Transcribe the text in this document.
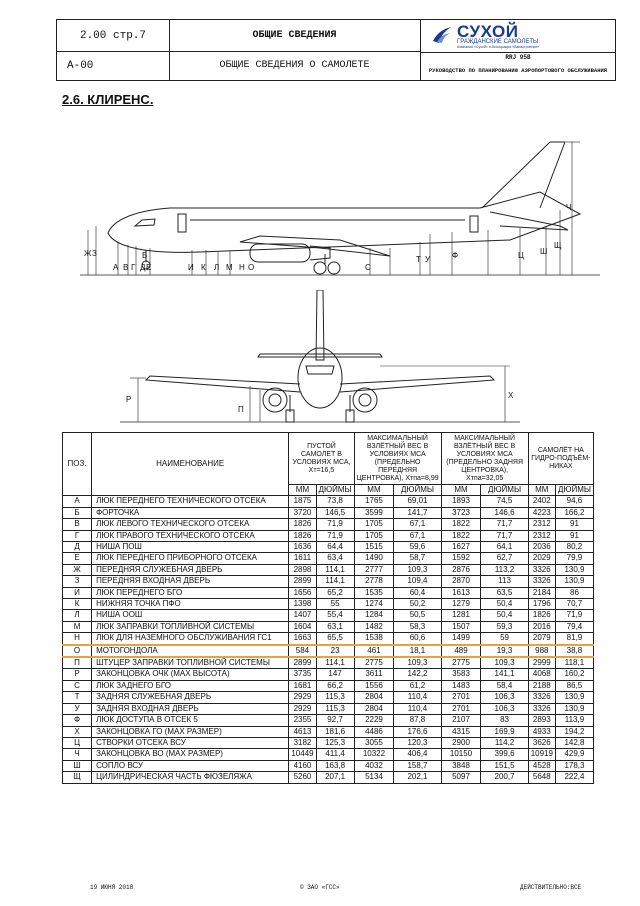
2.00 стр.7
А-00
ОБЩИЕ СВЕДЕНИЯ
ОБЩИЕ СВЕДЕНИЯ О САМОЛЕТЕ
СУХОЙ
ГРАЖДАНСКИЕ САМОЛЕТЫ
Компания «Сухой» и Ассоциация «Авиастроение»
RRJ 95B
РУКОВОДСТВО ПО ПЛАНИРОВАНИЮ АЭРОПОРТОВОГО ОБСЛУЖИВАНИЯ
2.6. КЛИРЕНС.
Ж З
А В Г Д Е
Б
И К Л М Н О	С
Т У	Ф	Ц Ш
Щ
Ч
Р
П
Х
ПОЗ.	НАИМЕНОВАНИЕ	ПУСТОЙ САМОЛЕТ В УСЛОВИЯХ МСА, Хт=16,5		МАКСИМАЛЬНЫЙ ВЗЛЁТНЫЙ ВЕС В УСЛОВИЯХ МСА (ПРЕДЕЛЬНО ПЕРЕДНЯЯ ЦЕНТРОВКА), Хтпа=8,99		МАКСИМАЛЬНЫЙ ВЗЛЁТНЫЙ ВЕС В УСЛОВИЯХ МСА (ПРЕДЕЛЬНО ЗАДНЯЯ ЦЕНТРОВКА), Хтпа=32,05		САМОЛЁТ НА ГИДРО-ПОДЪЁМ-НИКАХ	
		ММ	ДЮЙМЫ	ММ	ДЮЙМЫ	ММ	ДЮЙМЫ	ММ	ДЮЙМЫ
А	ЛЮК ПЕРЕДНЕГО ТЕХНИЧЕСКОГО ОТСЕКА	1875	73,8	1765	69,01	1893	74,5	2402	94,6
Б	ФОРТОЧКА	3720	146,5	3599	141,7	3723	146,6	4223	166,2
В	ЛЮК ЛЕВОГО ТЕХНИЧЕСКОГО ОТСЕКА	1826	71,9	1705	67,1	1822	71,7	2312	91
Г	ЛЮК ПРАВОГО ТЕХНИЧЕСКОГО ОТСЕКА	1826	71,9	1705	67,1	1822	71,7	2312	91
Д	НИША ПОШ	1636	64,4	1515	59,6	1627	64,1	2036	80,2
Е	ЛЮК ПЕРЕДНЕГО ПРИБОРНОГО ОТСЕКА	1611	63,4	1490	58,7	1592	62,7	2029	79,9
Ж	ПЕРЕДНЯЯ СЛУЖЕБНАЯ ДВЕРЬ	2898	114,1	2777	109,3	2876	113,2	3326	130,9
З	ПЕРЕДНЯЯ ВХОДНАЯ ДВЕРЬ	2899	114,1	2778	109,4	2870	113	3326	130,9
И	ЛЮК ПЕРЕДНЕГО БГО	1656	65,2	1535	60,4	1613	63,5	2184	86
К	НИЖНЯЯ ТОЧКА ПФО	1398	55	1274	50,2	1279	50,4	1796	70,7
Л	НИША ООШ	1407	55,4	1284	50,5	1281	50,4	1826	71,9
М	ЛЮК ЗАПРАВКИ ТОПЛИВНОЙ СИСТЕМЫ	1604	63,1	1482	58,3	1507	59,3	2016	79,4
Н	ЛЮК ДЛЯ НАЗЕМНОГО ОБСЛУЖИВАНИЯ ГС1	1663	65,5	1538	60,6	1499	59	2079	81,9
О	МОТОГОНДОЛА	584	23	461	18,1	489	19,3	988	38,8
П	ШТУЦЕР ЗАПРАВКИ ТОПЛИВНОЙ СИСТЕМЫ	2899	114,1	2775	109,3	2775	109,3	2999	118,1
Р	ЗАКОНЦОВКА ОЧК (МАХ ВЫСОТА)	3735	147	3611	142,2	3583	141,1	4068	160,2
С	ЛЮК ЗАДНЕГО БГО	1681	66,2	1556	61,2	1483	58,4	2188	86,5
Т	ЗАДНЯЯ СЛУЖЕБНАЯ ДВЕРЬ	2929	115,3	2804	110,4	2701	106,3	3326	130,9
У	ЗАДНЯЯ ВХОДНАЯ ДВЕРЬ	2929	115,3	2804	110,4	2701	106,3	3326	130,9
Ф	ЛЮК ДОСТУПА В ОТСЕК 5	2355	92,7	2229	87,8	2107	83	2893	113,9
Х	ЗАКОНЦОВКА ГО (МАХ РАЗМЕР)	4613	181,6	4486	176,6	4315	169,9	4933	194,2
Ц	СТВОРКИ ОТСЕКА ВСУ	3182	125,3	3055	120,3	2900	114,2	3626	142,8
Ч	ЗАКОНЦОВКА ВО (МАХ РАЗМЕР)	10449	411,4	10322	406,4	10150	399,6	10919	429,9
Ш	СОПЛО ВСУ	4160	163,8	4032	158,7	3848	151,5	4528	178,3
Щ	ЦИЛИНДРИЧЕСКАЯ ЧАСТЬ ФЮЗЕЛЯЖА	5260	207,1	5134	202,1	5097	200,7	5648	222,4
19 ИЮНЯ 2018	© ЗАО «ГСС»	ДЕЙСТВИТЕЛЬНО:ВСЕ
